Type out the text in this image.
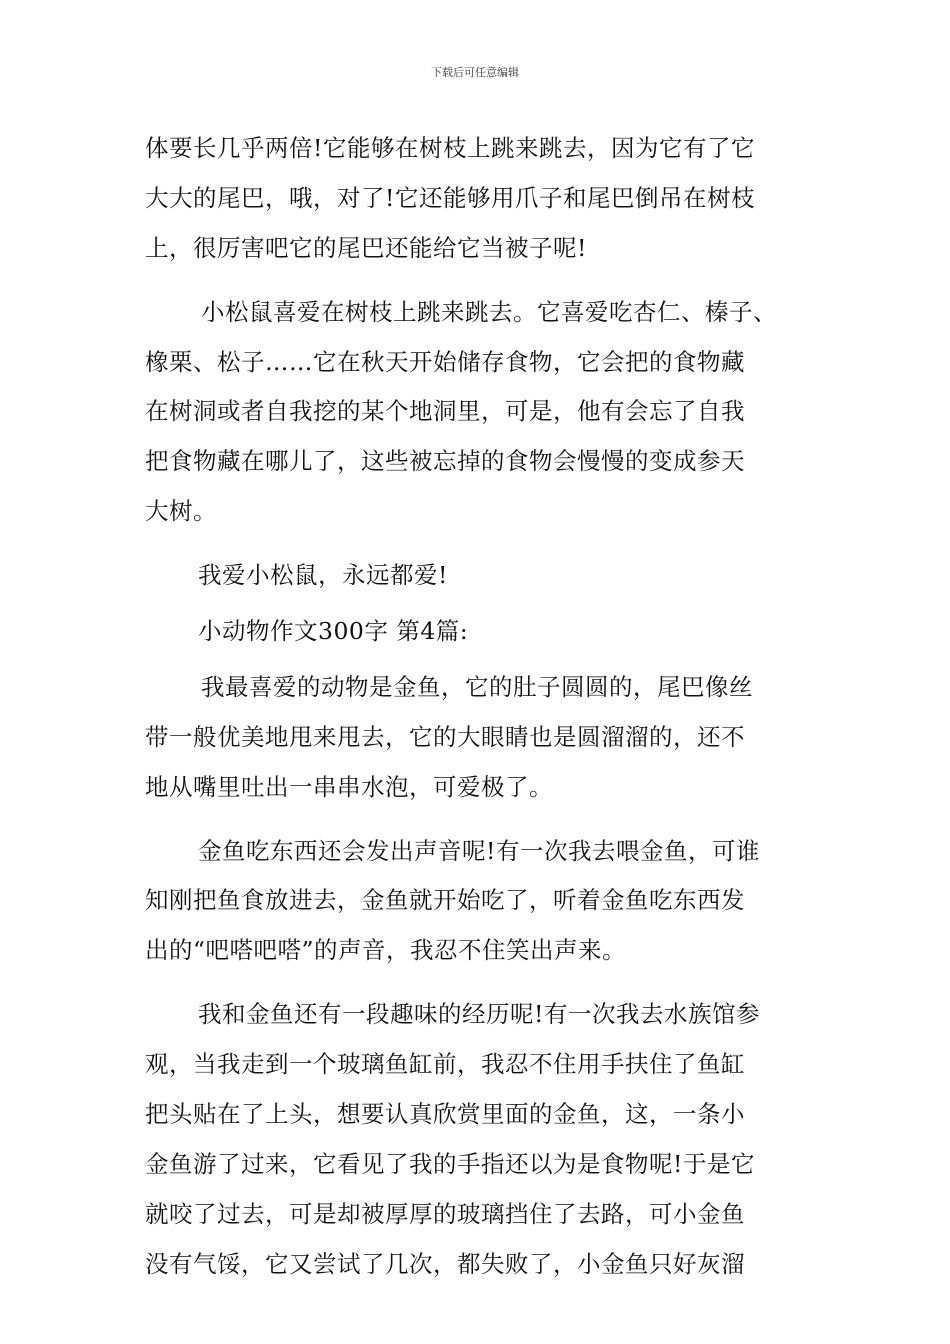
下载后可任意编辑
体要长几乎两倍!它能够在树枝上跳来跳去，因为它有了它
大大的尾巴，哦，对了!它还能够用爪子和尾巴倒吊在树枝
上，很厉害吧它的尾巴还能给它当被子呢!
小松鼠喜爱在树枝上跳来跳去。它喜爱吃杏仁、榛子、
橡栗、松子……它在秋天开始储存食物，它会把的食物藏
在树洞或者自我挖的某个地洞里，可是，他有会忘了自我
把食物藏在哪儿了，这些被忘掉的食物会慢慢的变成参天
大树。
我爱小松鼠，永远都爱!
小动物作文300字 第4篇:
我最喜爱的动物是金鱼，它的肚子圆圆的，尾巴像丝
带一般优美地甩来甩去，它的大眼睛也是圆溜溜的，还不
地从嘴里吐出一串串水泡，可爱极了。
金鱼吃东西还会发出声音呢!有一次我去喂金鱼，可谁
知刚把鱼食放进去，金鱼就开始吃了，听着金鱼吃东西发
出的“吧嗒吧嗒”的声音，我忍不住笑出声来。
我和金鱼还有一段趣味的经历呢!有一次我去水族馆参
观，当我走到一个玻璃鱼缸前，我忍不住用手扶住了鱼缸
把头贴在了上头，想要认真欣赏里面的金鱼，这，一条小
金鱼游了过来，它看见了我的手指还以为是食物呢!于是它
就咬了过去，可是却被厚厚的玻璃挡住了去路，可小金鱼
没有气馁，它又尝试了几次，都失败了，小金鱼只好灰溜
